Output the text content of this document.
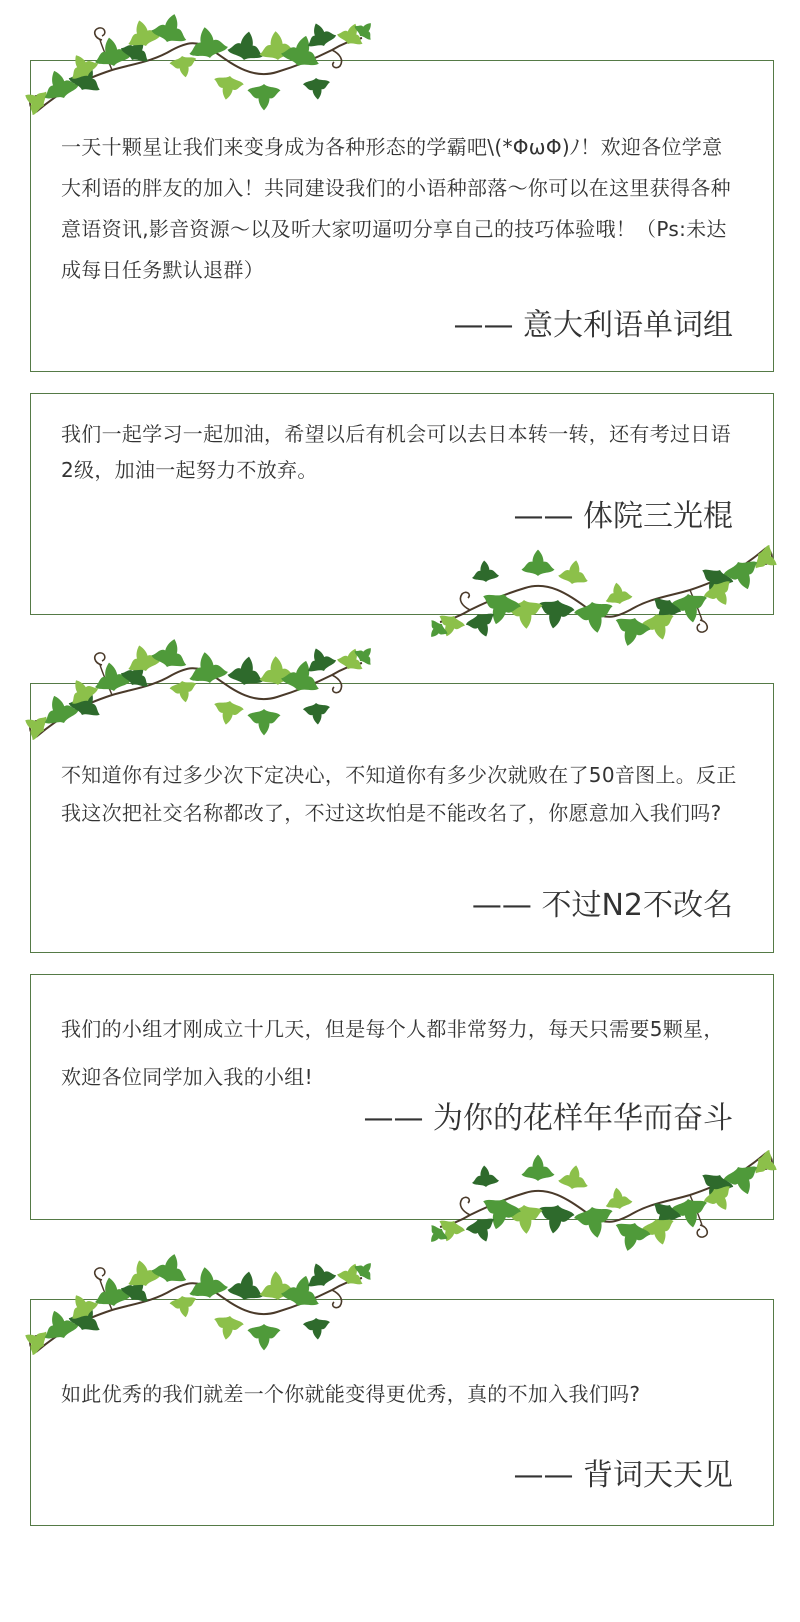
一天十颗星让我们来变身成为各种形态的学霸吧\(*ΦωΦ)ﾉ！欢迎各位学意大利语的胖友的加入！共同建设我们的小语种部落～你可以在这里获得各种意语资讯,影音资源～以及听大家叨逼叨分享自己的技巧体验哦！（Ps:未达成每日任务默认退群）

—— 意大利语单词组

我们一起学习一起加油，希望以后有机会可以去日本转一转，还有考过日语2级，加油一起努力不放弃。

—— 体院三光棍

不知道你有过多少次下定决心，不知道你有多少次就败在了50音图上。反正我这次把社交名称都改了，不过这坎怕是不能改名了，你愿意加入我们吗?

—— 不过N2不改名

我们的小组才刚成立十几天，但是每个人都非常努力，每天只需要5颗星，欢迎各位同学加入我的小组!

—— 为你的花样年华而奋斗

如此优秀的我们就差一个你就能变得更优秀，真的不加入我们吗?

—— 背词天天见
